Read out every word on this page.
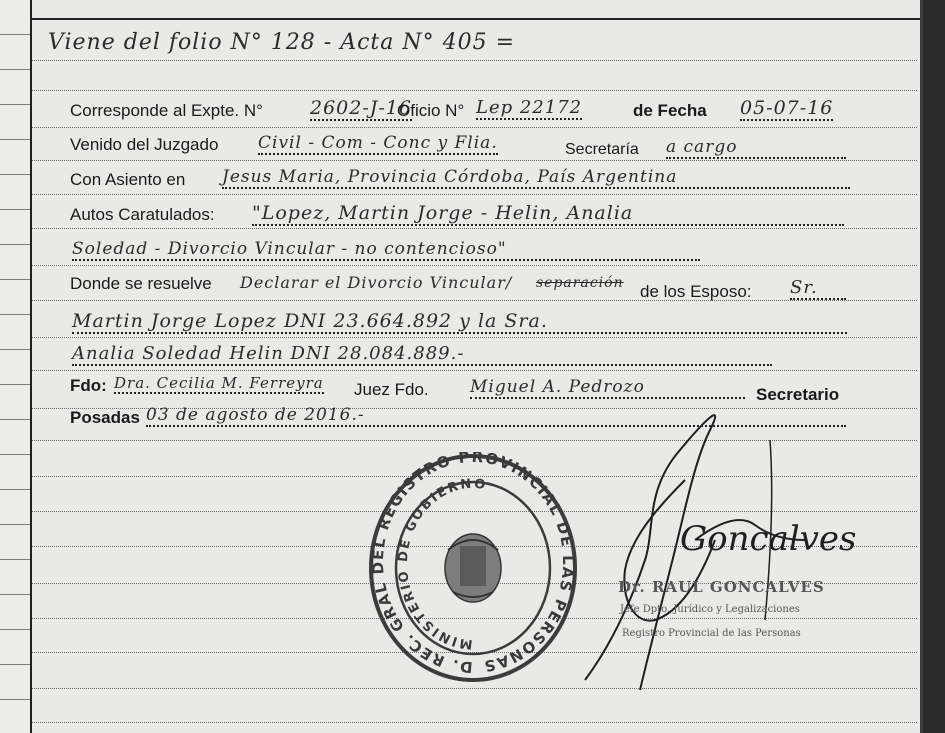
Viene del folio N° 128 - Acta N° 405 =
Corresponde al Expte. N° 2602-J-16
Oficio N° Lep 22172	de Fecha 05-07-16
Venido del Juzgado Civil - Com - Conc y Flia.	Secretaría a cargo
Con Asiento en Jesus Maria, Provincia Córdoba, País Argentina
Autos Caratulados: "Lopez, Martin Jorge - Helin, Analia
Soledad - Divorcio Vincular - no contencioso"
Donde se resuelve Declarar el Divorcio Vincular/ separación de los Esposo: Sr.
Martin Jorge Lopez DNI 23.664.892 y la Sra.
Analia Soledad Helin DNI 28.084.889.-
Fdo: Dra. Cecilia M. Ferreyra Juez Fdo. Miguel A. Pedrozo	Secretario
Posadas 03 de agosto de 2016.-
D. REC. GRAL DEL REGISTRO PROVINCIAL DE LAS PERSONAS
MINISTERIO DE GOBIERNO
Goncalves
Dr. RAUL GONCALVES
Jefe Dpto. Jurídico y Legalizaciones
Registro Provincial de las Personas
